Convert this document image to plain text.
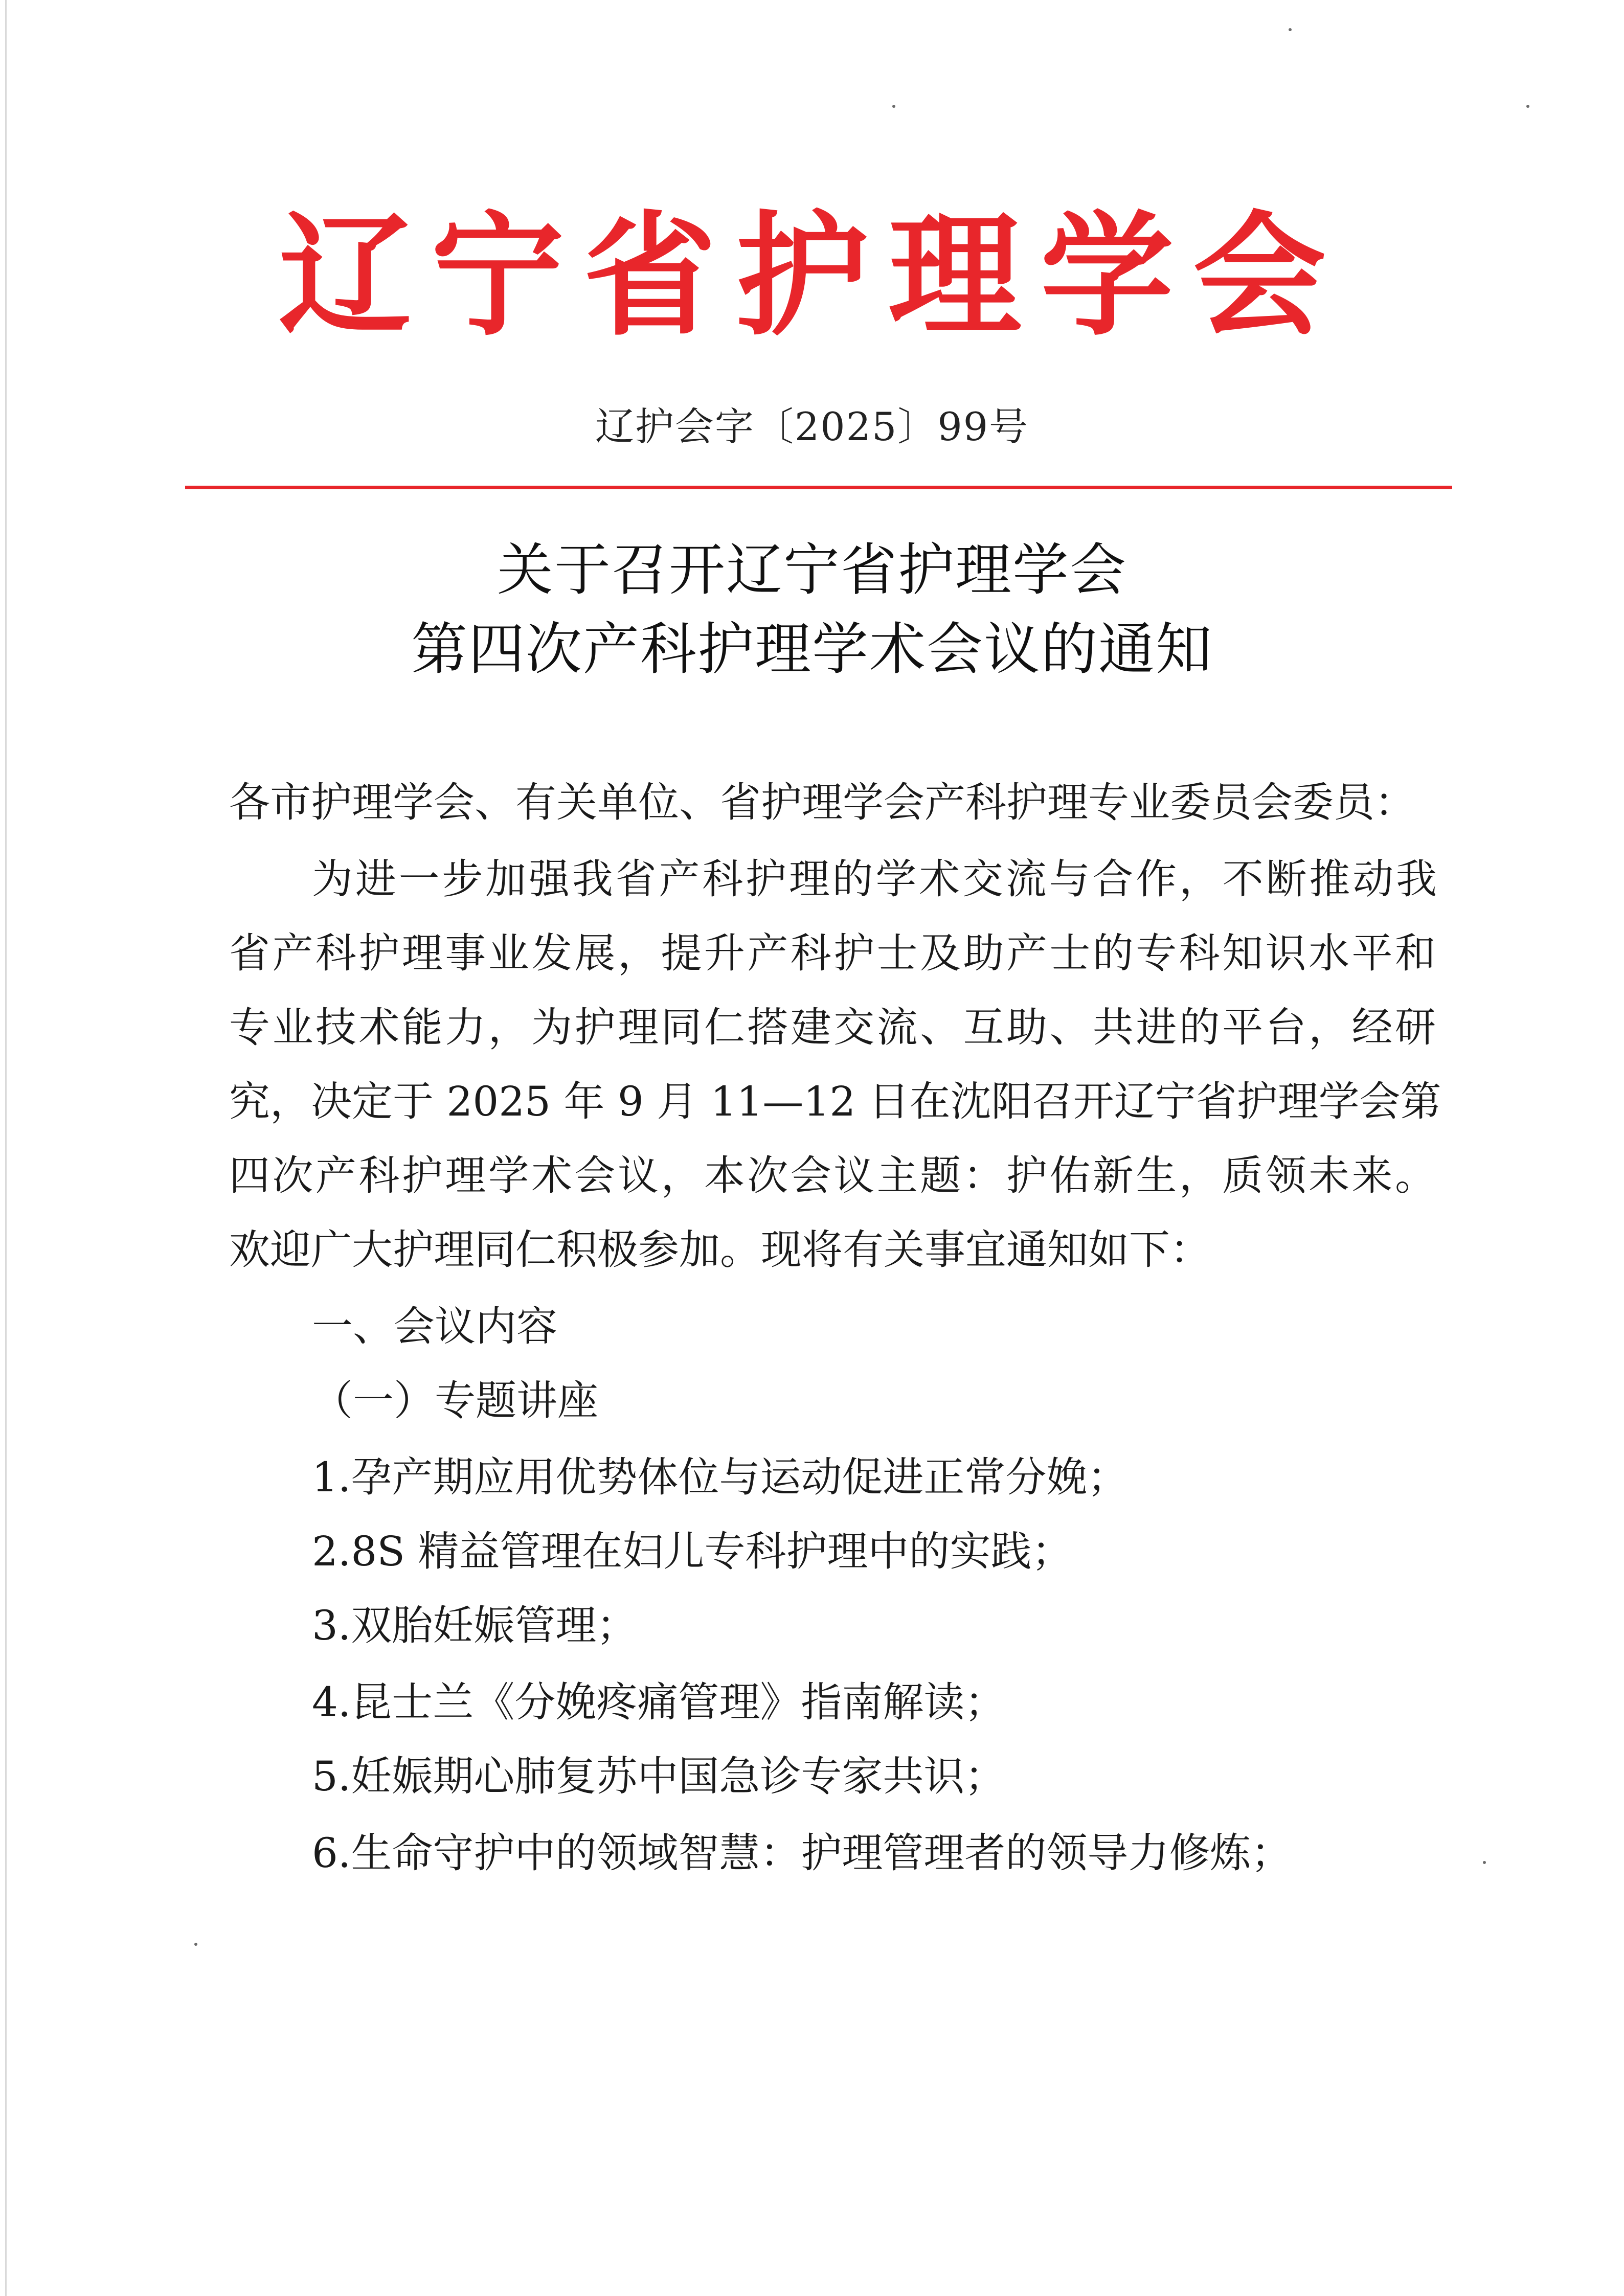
辽宁省护理学会
辽护会字〔2025〕99号
关于召开辽宁省护理学会
第四次产科护理学术会议的通知
各市护理学会、有关单位、省护理学会产科护理专业委员会委员：
为进一步加强我省产科护理的学术交流与合作，不断推动我
省产科护理事业发展，提升产科护士及助产士的专科知识水平和
专业技术能力，为护理同仁搭建交流、互助、共进的平台，经研
究，决定于 2025 年 9 月 11—12 日在沈阳召开辽宁省护理学会第
四次产科护理学术会议，本次会议主题：护佑新生，质领未来。
欢迎广大护理同仁积极参加。现将有关事宜通知如下：
一、会议内容
（一）专题讲座
1.孕产期应用优势体位与运动促进正常分娩；
2.8S 精益管理在妇儿专科护理中的实践；
3.双胎妊娠管理；
4.昆士兰《分娩疼痛管理》指南解读；
5.妊娠期心肺复苏中国急诊专家共识；
6.生命守护中的领域智慧：护理管理者的领导力修炼；
